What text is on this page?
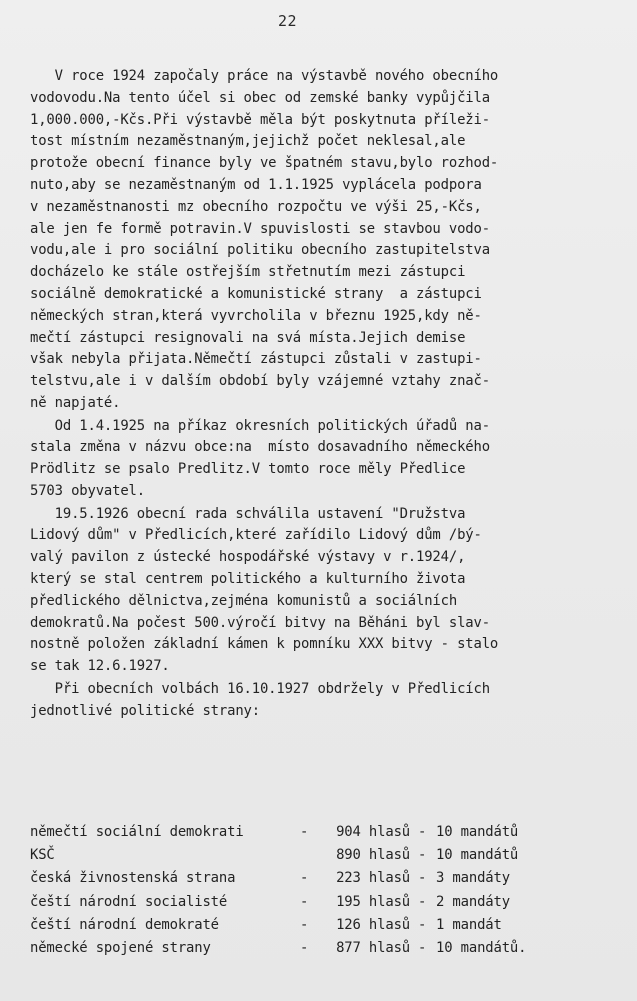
22
V roce 1924 započaly práce na výstavbě nového obecního
vodovodu.Na tento účel si obec od zemské banky vypůjčila
1,000.000,-Kčs.Při výstavbě měla být poskytnuta příleži-
tost místním nezaměstnaným,jejichž počet neklesal,ale
protože obecní finance byly ve špatném stavu,bylo rozhod-
nuto,aby se nezaměstnaným od 1.1.1925 vyplácela podpora
v nezaměstnanosti mz obecního rozpočtu ve výši 25,-Kčs,
ale jen fe formě potravin.V spuvislosti se stavbou vodo-
vodu,ale i pro sociální politiku obecního zastupitelstva
docházelo ke stále ostřejším střetnutím mezi zástupci
sociálně demokratické a komunistické strany  a zástupci
německých stran,která vyvrcholila v březnu 1925,kdy ně-
mečtí zástupci resignovali na svá místa.Jejich demise
však nebyla přijata.Němečtí zástupci zůstali v zastupi-
telstvu,ale i v dalším období byly vzájemné vztahy znač-
ně napjaté.
Od 1.4.1925 na příkaz okresních politických úřadů na-
stala změna v názvu obce:na  místo dosavadního německého
Prödlitz se psalo Predlitz.V tomto roce měly Předlice
5703 obyvatel.
19.5.1926 obecní rada schválila ustavení "Družstva
Lidový dům" v Předlicích,které zařídilo Lidový dům /bý-
valý pavilon z ústecké hospodářské výstavy v r.1924/,
který se stal centrem politického a kulturního života
předlického dělnictva,zejména komunistů a sociálních
demokratů.Na počest 500.výročí bitvy na Běháni byl slav-
nostně položen základní kámen k pomníku XXX bitvy - stalo
se tak 12.6.1927.
Při obecních volbách 16.10.1927 obdržely v Předlicích
jednotlivé politické strany:
němečtí sociální demokrati	-	904 hlasů - 10 mandátů
KSČ	890 hlasů - 10 mandátů
česká živnostenská strana	-	223 hlasů - 3 mandáty
čeští národní socialisté	-	195 hlasů - 2 mandáty
čeští národní demokraté	-	126 hlasů - 1 mandát
německé spojené strany	-	877 hlasů - 10 mandátů.
